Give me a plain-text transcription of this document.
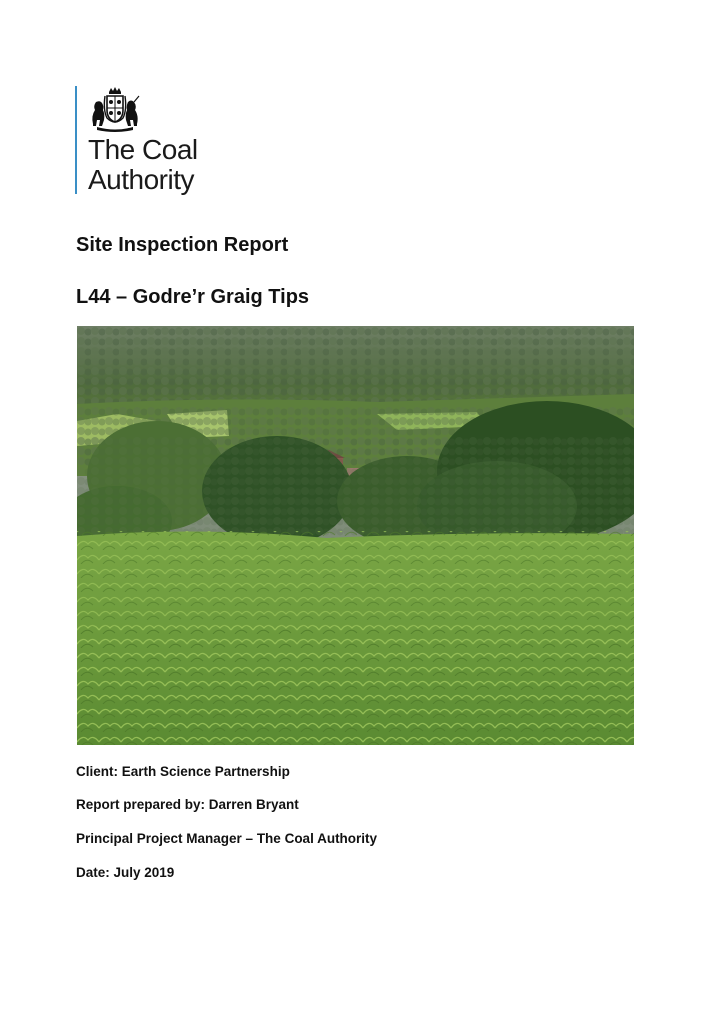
The Coal
Authority
Site Inspection Report
L44 – Godre’r Graig Tips

Client: Earth Science Partnership

Report prepared by: Darren Bryant

Principal Project Manager – The Coal Authority

Date: July 2019
